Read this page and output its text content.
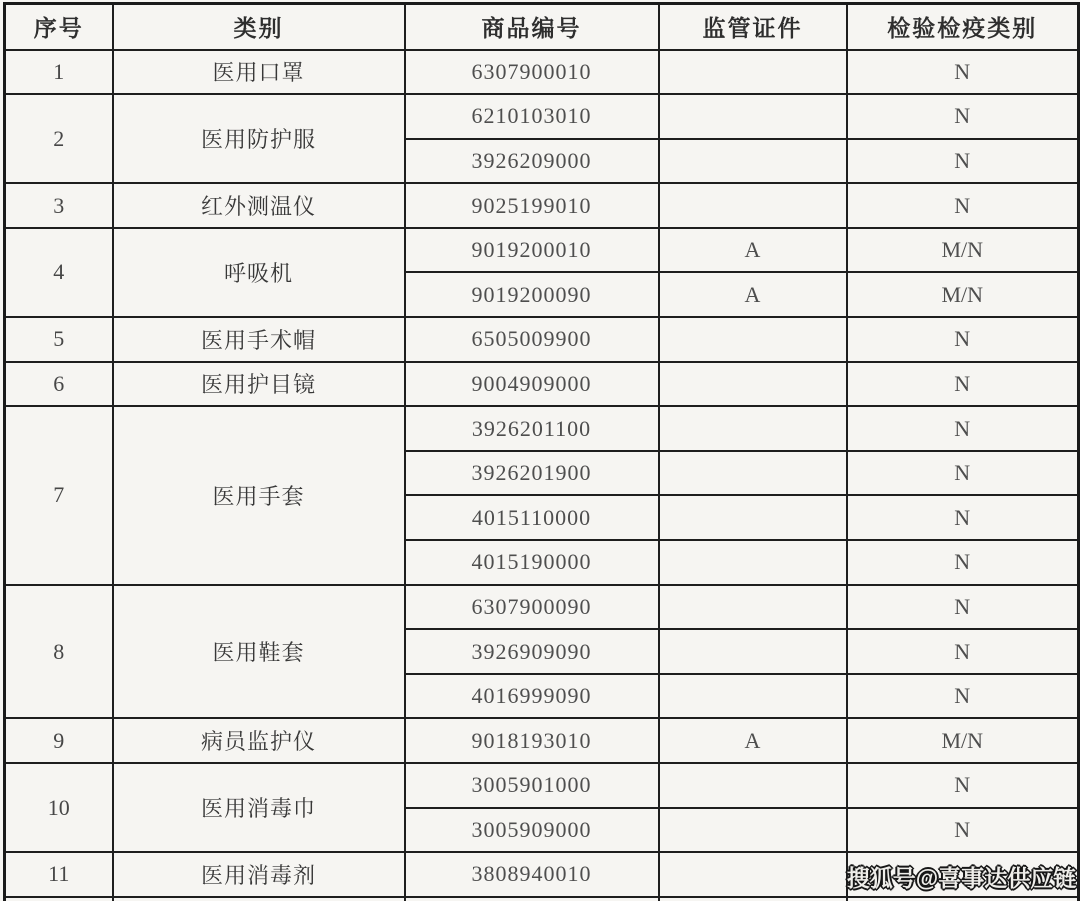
序号	类别	商品编号	监管证件	检验检疫类别
1	医用口罩	6307900010		N
2	医用防护服	6210103010		N
		3926209000		N
3	红外测温仪	9025199010		N
4	呼吸机	9019200010	A	M/N
		9019200090	A	M/N
5	医用手术帽	6505009900		N
6	医用护目镜	9004909000		N
7	医用手套	3926201100		N
		3926201900		N
		4015110000		N
		4015190000		N
8	医用鞋套	6307900090		N
		3926909090		N
		4016999090		N
9	病员监护仪	9018193010	A	M/N
10	医用消毒巾	3005901000		N
		3005909000		N
11	医用消毒剂	3808940010		
					搜狐号@喜事达供应链
